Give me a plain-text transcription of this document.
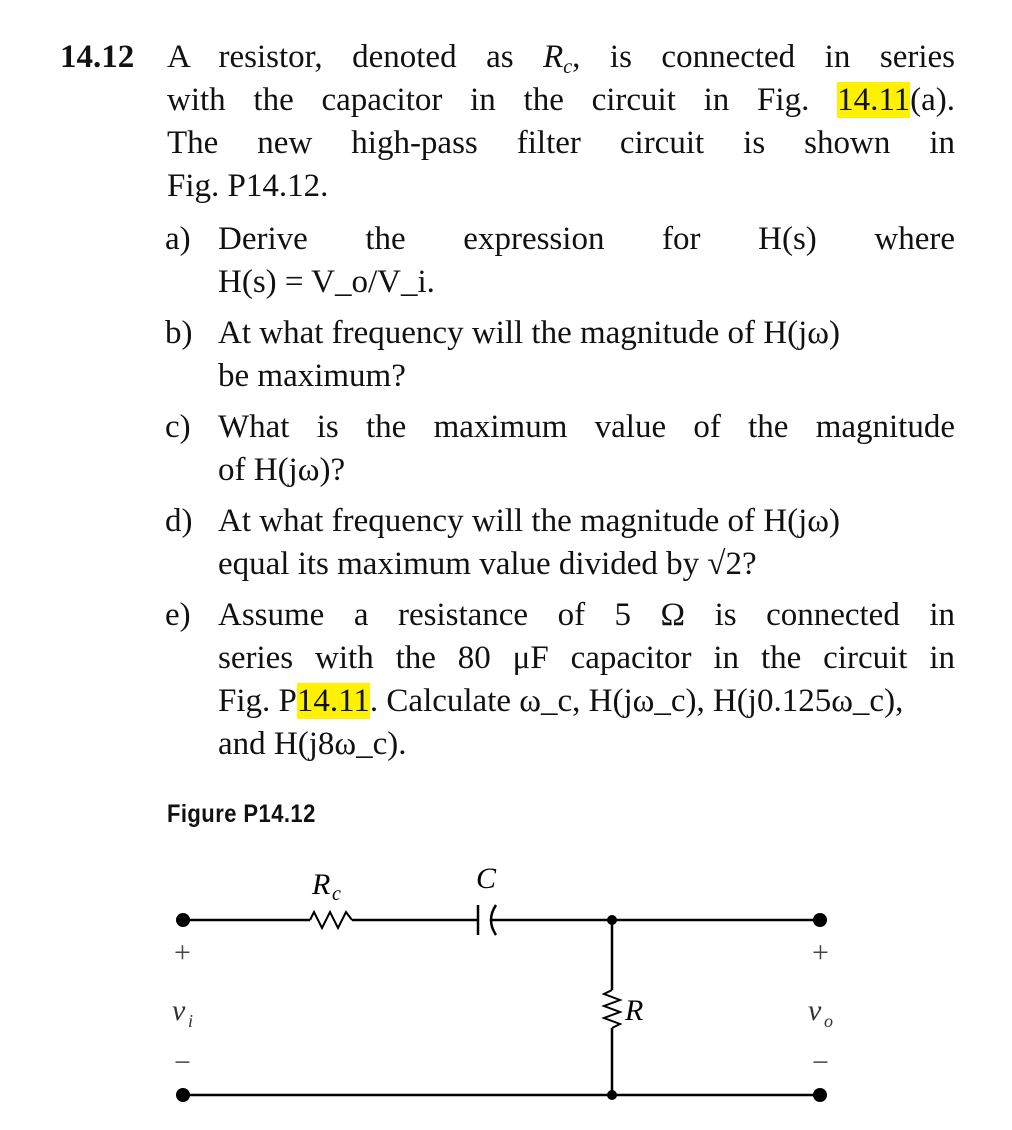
14.12 A resistor, denoted as $R_c$, is connected in series
with the capacitor in the circuit in Fig. 14.11(a).
The new high-pass filter circuit is shown in
Fig. P14.12.
a) Derive the expression for H(s) where
H(s) = V_o/V_i.
b) At what frequency will the magnitude of H(jω)
be maximum?
c) What is the maximum value of the magnitude
of H(jω)?
d) At what frequency will the magnitude of H(jω)
equal its maximum value divided by √2?
e) Assume a resistance of 5 Ω is connected in
series with the 80 μF capacitor in the circuit in
Fig. P14.11. Calculate ω_c, H(jω_c), H(j0.125ω_c),
and H(j8ω_c).
Figure P14.12
R c	C
R
+
v i
−
+
v o
−
